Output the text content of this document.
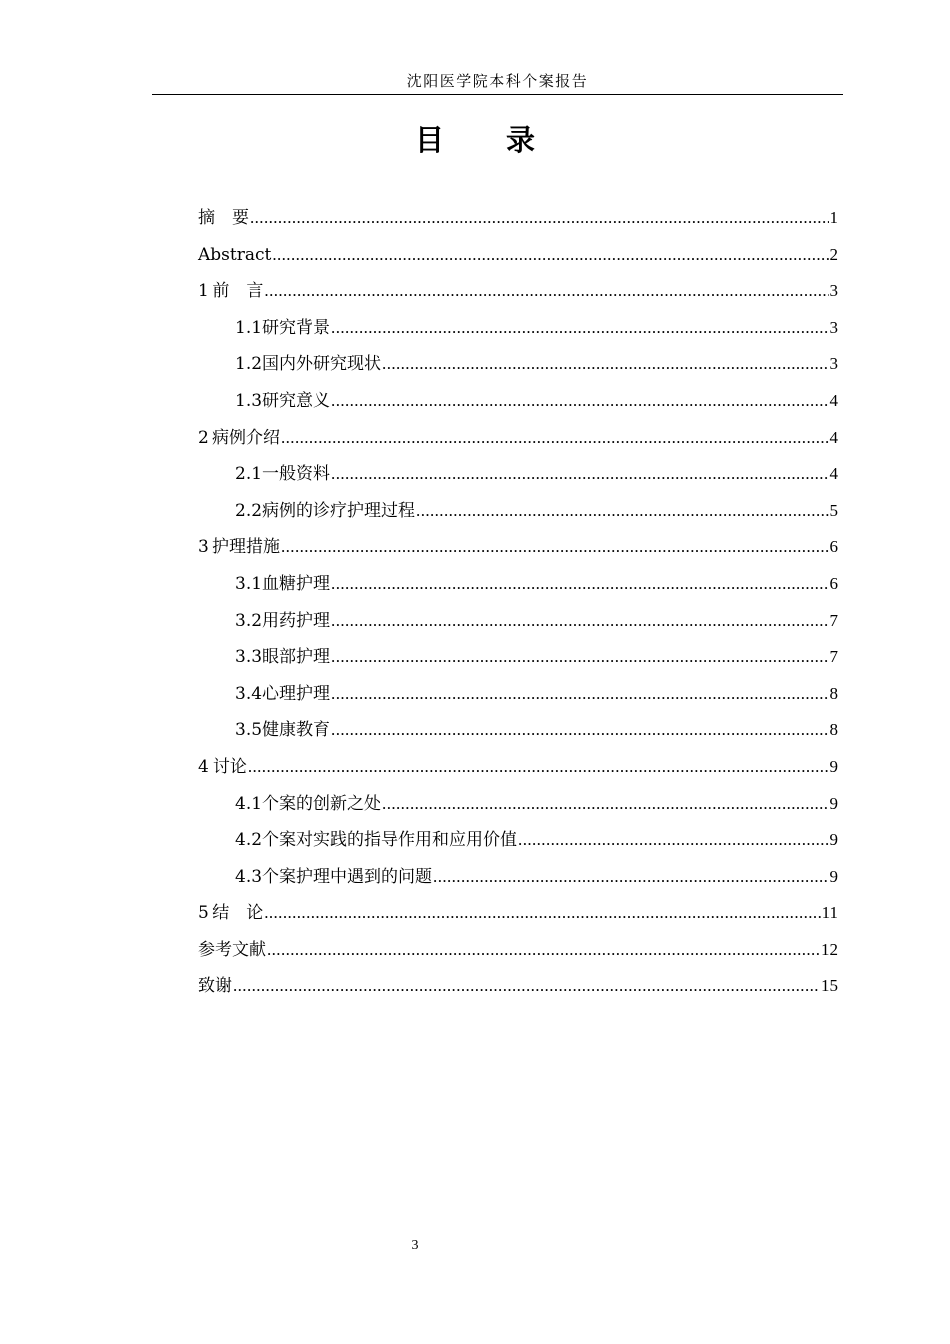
沈阳医学院本科个案报告
目 录
摘　要 .....	1
Abstract .....	2
1 前　言 .....	3
1.1 研究背景 .....	3
1.2 国内外研究现状 .....	3
1.3 研究意义 .....	4
2 病例介绍 .....	4
2.1 一般资料 .....	4
2.2 病例的诊疗护理过程 .....	5
3 护理措施 .....	6
3.1 血糖护理 .....	6
3.2 用药护理 .....	7
3.3 眼部护理 .....	7
3.4 心理护理 .....	8
3.5 健康教育 .....	8
4 讨论 .....	9
4.1 个案的创新之处 .....	9
4.2 个案对实践的指导作用和应用价值 .....	9
4.3 个案护理中遇到的问题 .....	9
5 结　论 .....	11
参考文献 .....	12
致谢 .....	15
3
